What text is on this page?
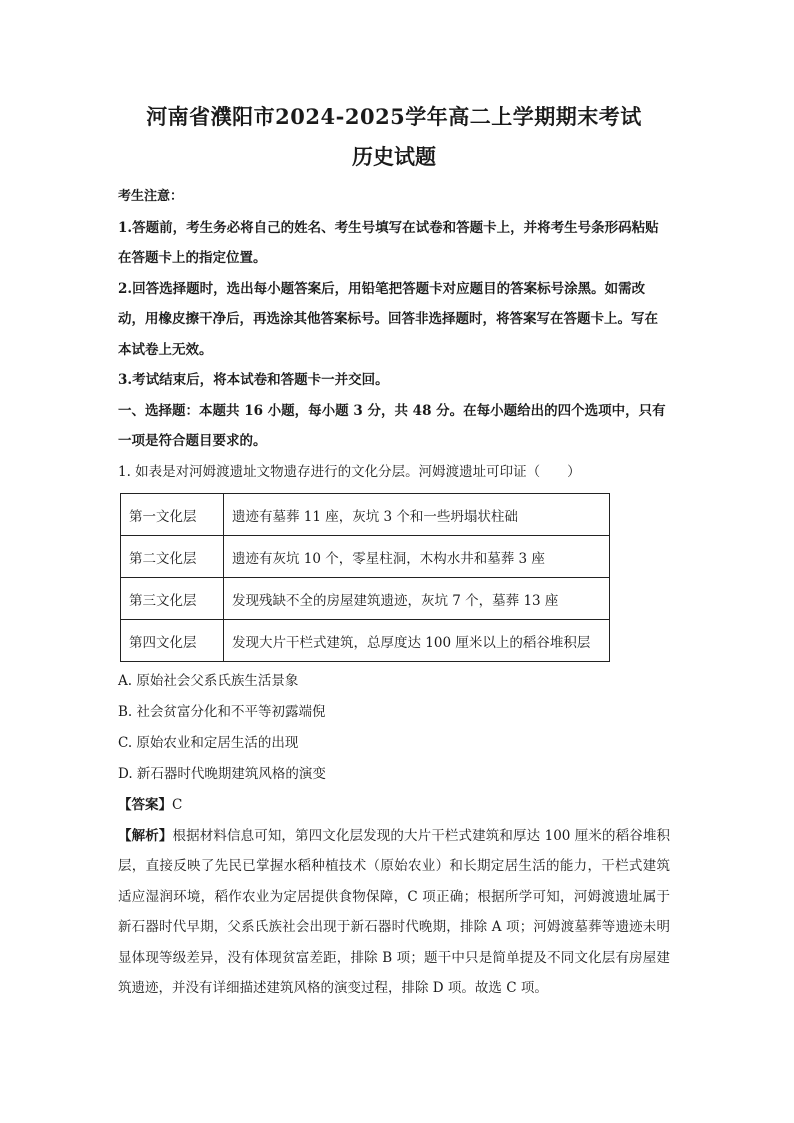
河南省濮阳市2024-2025学年高二上学期期末考试
历史试题

考生注意：

1.答题前，考生务必将自己的姓名、考生号填写在试卷和答题卡上，并将考生号条形码粘贴在答题卡上的指定位置。

2.回答选择题时，选出每小题答案后，用铅笔把答题卡对应题目的答案标号涂黑。如需改动，用橡皮擦干净后，再选涂其他答案标号。回答非选择题时，将答案写在答题卡上。写在本试卷上无效。

3.考试结束后，将本试卷和答题卡一并交回。

一、选择题：本题共 16 小题，每小题 3 分，共 48 分。在每小题给出的四个选项中，只有一项是符合题目要求的。

1. 如表是对河姆渡遗址文物遗存进行的文化分层。河姆渡遗址可印证（　　）

第一文化层	遗迹有墓葬 11 座，灰坑 3 个和一些坍塌状柱础
第二文化层	遗迹有灰坑 10 个，零星柱洞，木构水井和墓葬 3 座
第三文化层	发现残缺不全的房屋建筑遗迹，灰坑 7 个，墓葬 13 座
第四文化层	发现大片干栏式建筑，总厚度达 100 厘米以上的稻谷堆积层

A. 原始社会父系氏族生活景象

B. 社会贫富分化和不平等初露端倪

C. 原始农业和定居生活的出现

D. 新石器时代晚期建筑风格的演变

【答案】C

【解析】根据材料信息可知，第四文化层发现的大片干栏式建筑和厚达 100 厘米的稻谷堆积层，直接反映了先民已掌握水稻种植技术（原始农业）和长期定居生活的能力，干栏式建筑适应湿润环境，稻作农业为定居提供食物保障，C 项正确；根据所学可知，河姆渡遗址属于新石器时代早期，父系氏族社会出现于新石器时代晚期，排除 A 项；河姆渡墓葬等遗迹未明显体现等级差异，没有体现贫富差距，排除 B 项；题干中只是简单提及不同文化层有房屋建筑遗迹，并没有详细描述建筑风格的演变过程，排除 D 项。故选 C 项。
